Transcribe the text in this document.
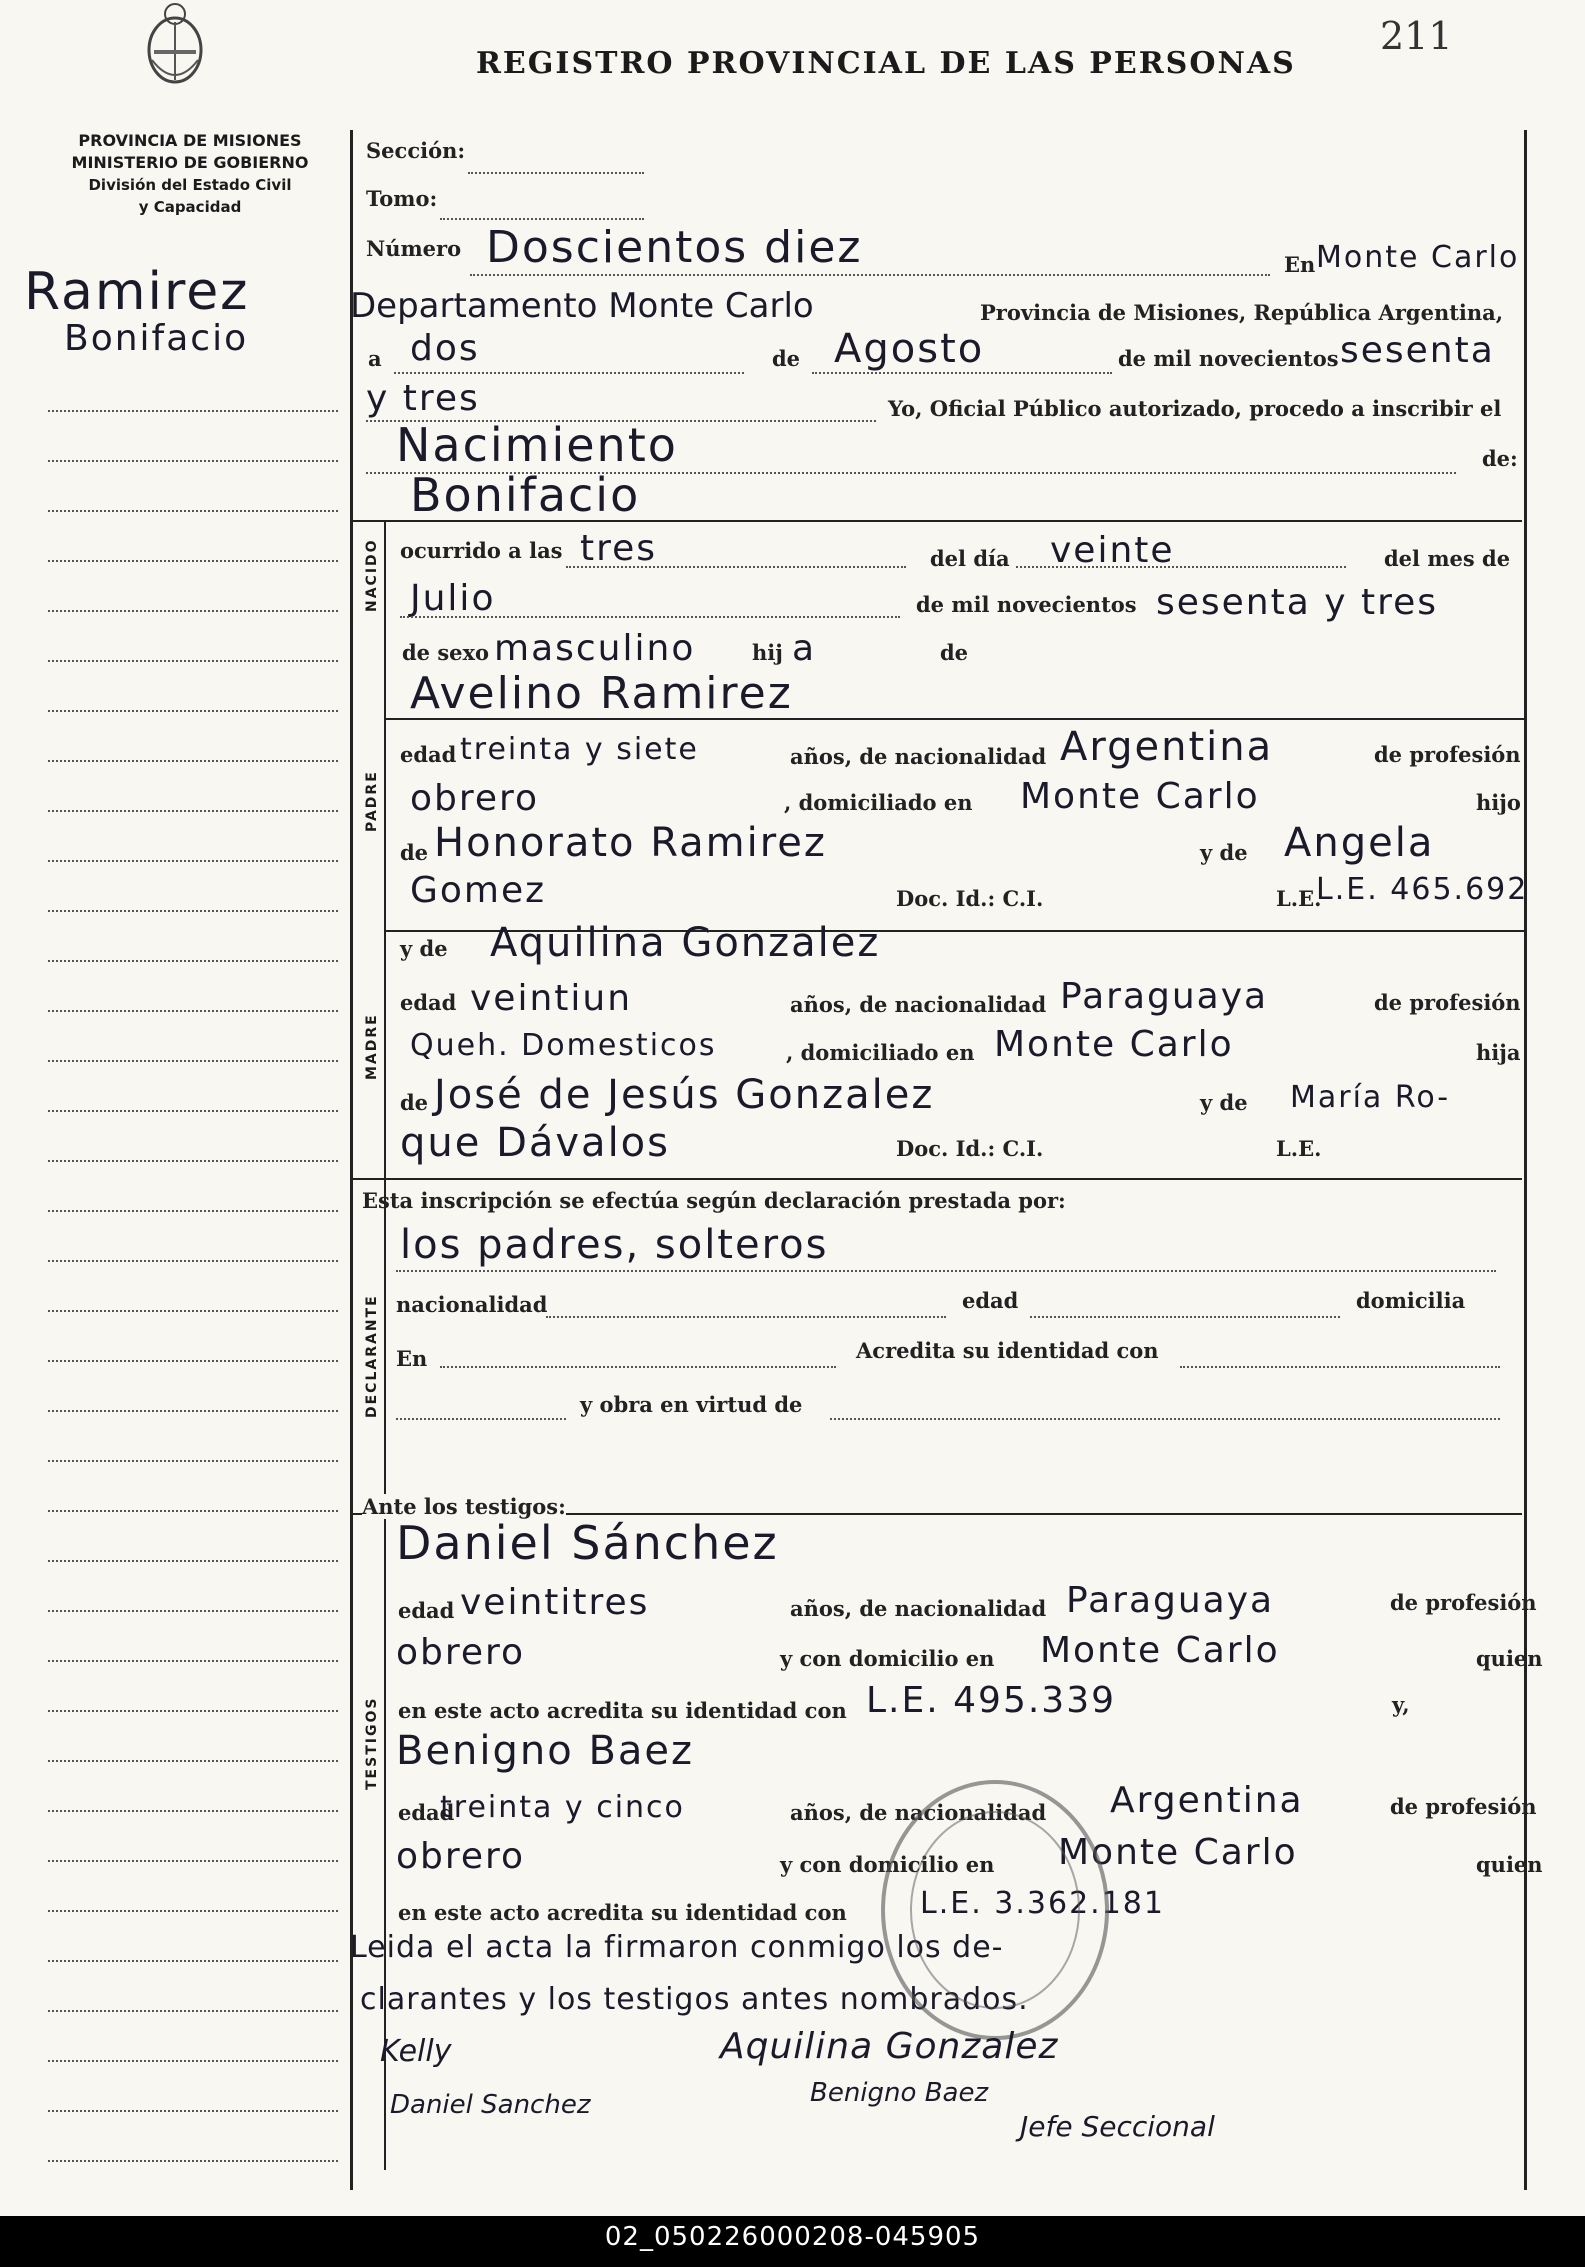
211
REGISTRO PROVINCIAL DE LAS PERSONAS
PROVINCIA DE MISIONES
MINISTERIO DE GOBIERNO
División del Estado Civil
y Capacidad
Ramirez
Bonifacio
NACIDO
PADRE
MADRE
DECLARANTE
TESTIGOS
Sección:
Tomo:
Número Doscientos diez	En Monte Carlo
Departamento Monte Carlo	Provincia de Misiones, República Argentina,
a dos	de Agosto	de mil novecientos sesenta
y tres	Yo, Oficial Público autorizado, procedo a inscribir el
Nacimiento	de:
Bonifacio
ocurrido a las tres	del día veinte	del mes de
Julio	de mil novecientos sesenta y tres
de sexo masculino	hij a	de
Avelino Ramirez
edad treinta y siete	años, de nacionalidad Argentina	de profesión
obrero	, domiciliado en Monte Carlo	hijo
de Honorato Ramirez	y de Angela
Gomez	Doc. Id.: C.I.	L.E.
L.E. 465.692
y de Aquilina Gonzalez
edad veintiun	años, de nacionalidad Paraguaya	de profesión
Queh. Domesticos	, domiciliado en Monte Carlo	hija
de José de Jesús Gonzalez	y de María Ro-
que Dávalos	Doc. Id.: C.I.	L.E.
Esta inscripción se efectúa según declaración prestada por:
los padres, solteros
nacionalidad	edad	domicilia
En	Acredita su identidad con
y obra en virtud de
Ante los testigos:
Daniel Sánchez
edad veintitres	años, de nacionalidad Paraguaya	de profesión
obrero	y con domicilio en Monte Carlo	quien
en este acto acredita su identidad con L.E. 495.339	y,
Benigno Baez
edad
treinta y cinco	años, de nacionalidad Argentina	de profesión
obrero	y con domicilio en Monte Carlo	quien
en este acto acredita su identidad con L.E. 3.362.181
Leida el acta la firmaron conmigo los de-
clarantes y los testigos antes nombrados.
Kelly	Aquilina Gonzalez
Daniel Sanchez	Benigno Baez
Jefe Seccional
02_050226000208-045905
